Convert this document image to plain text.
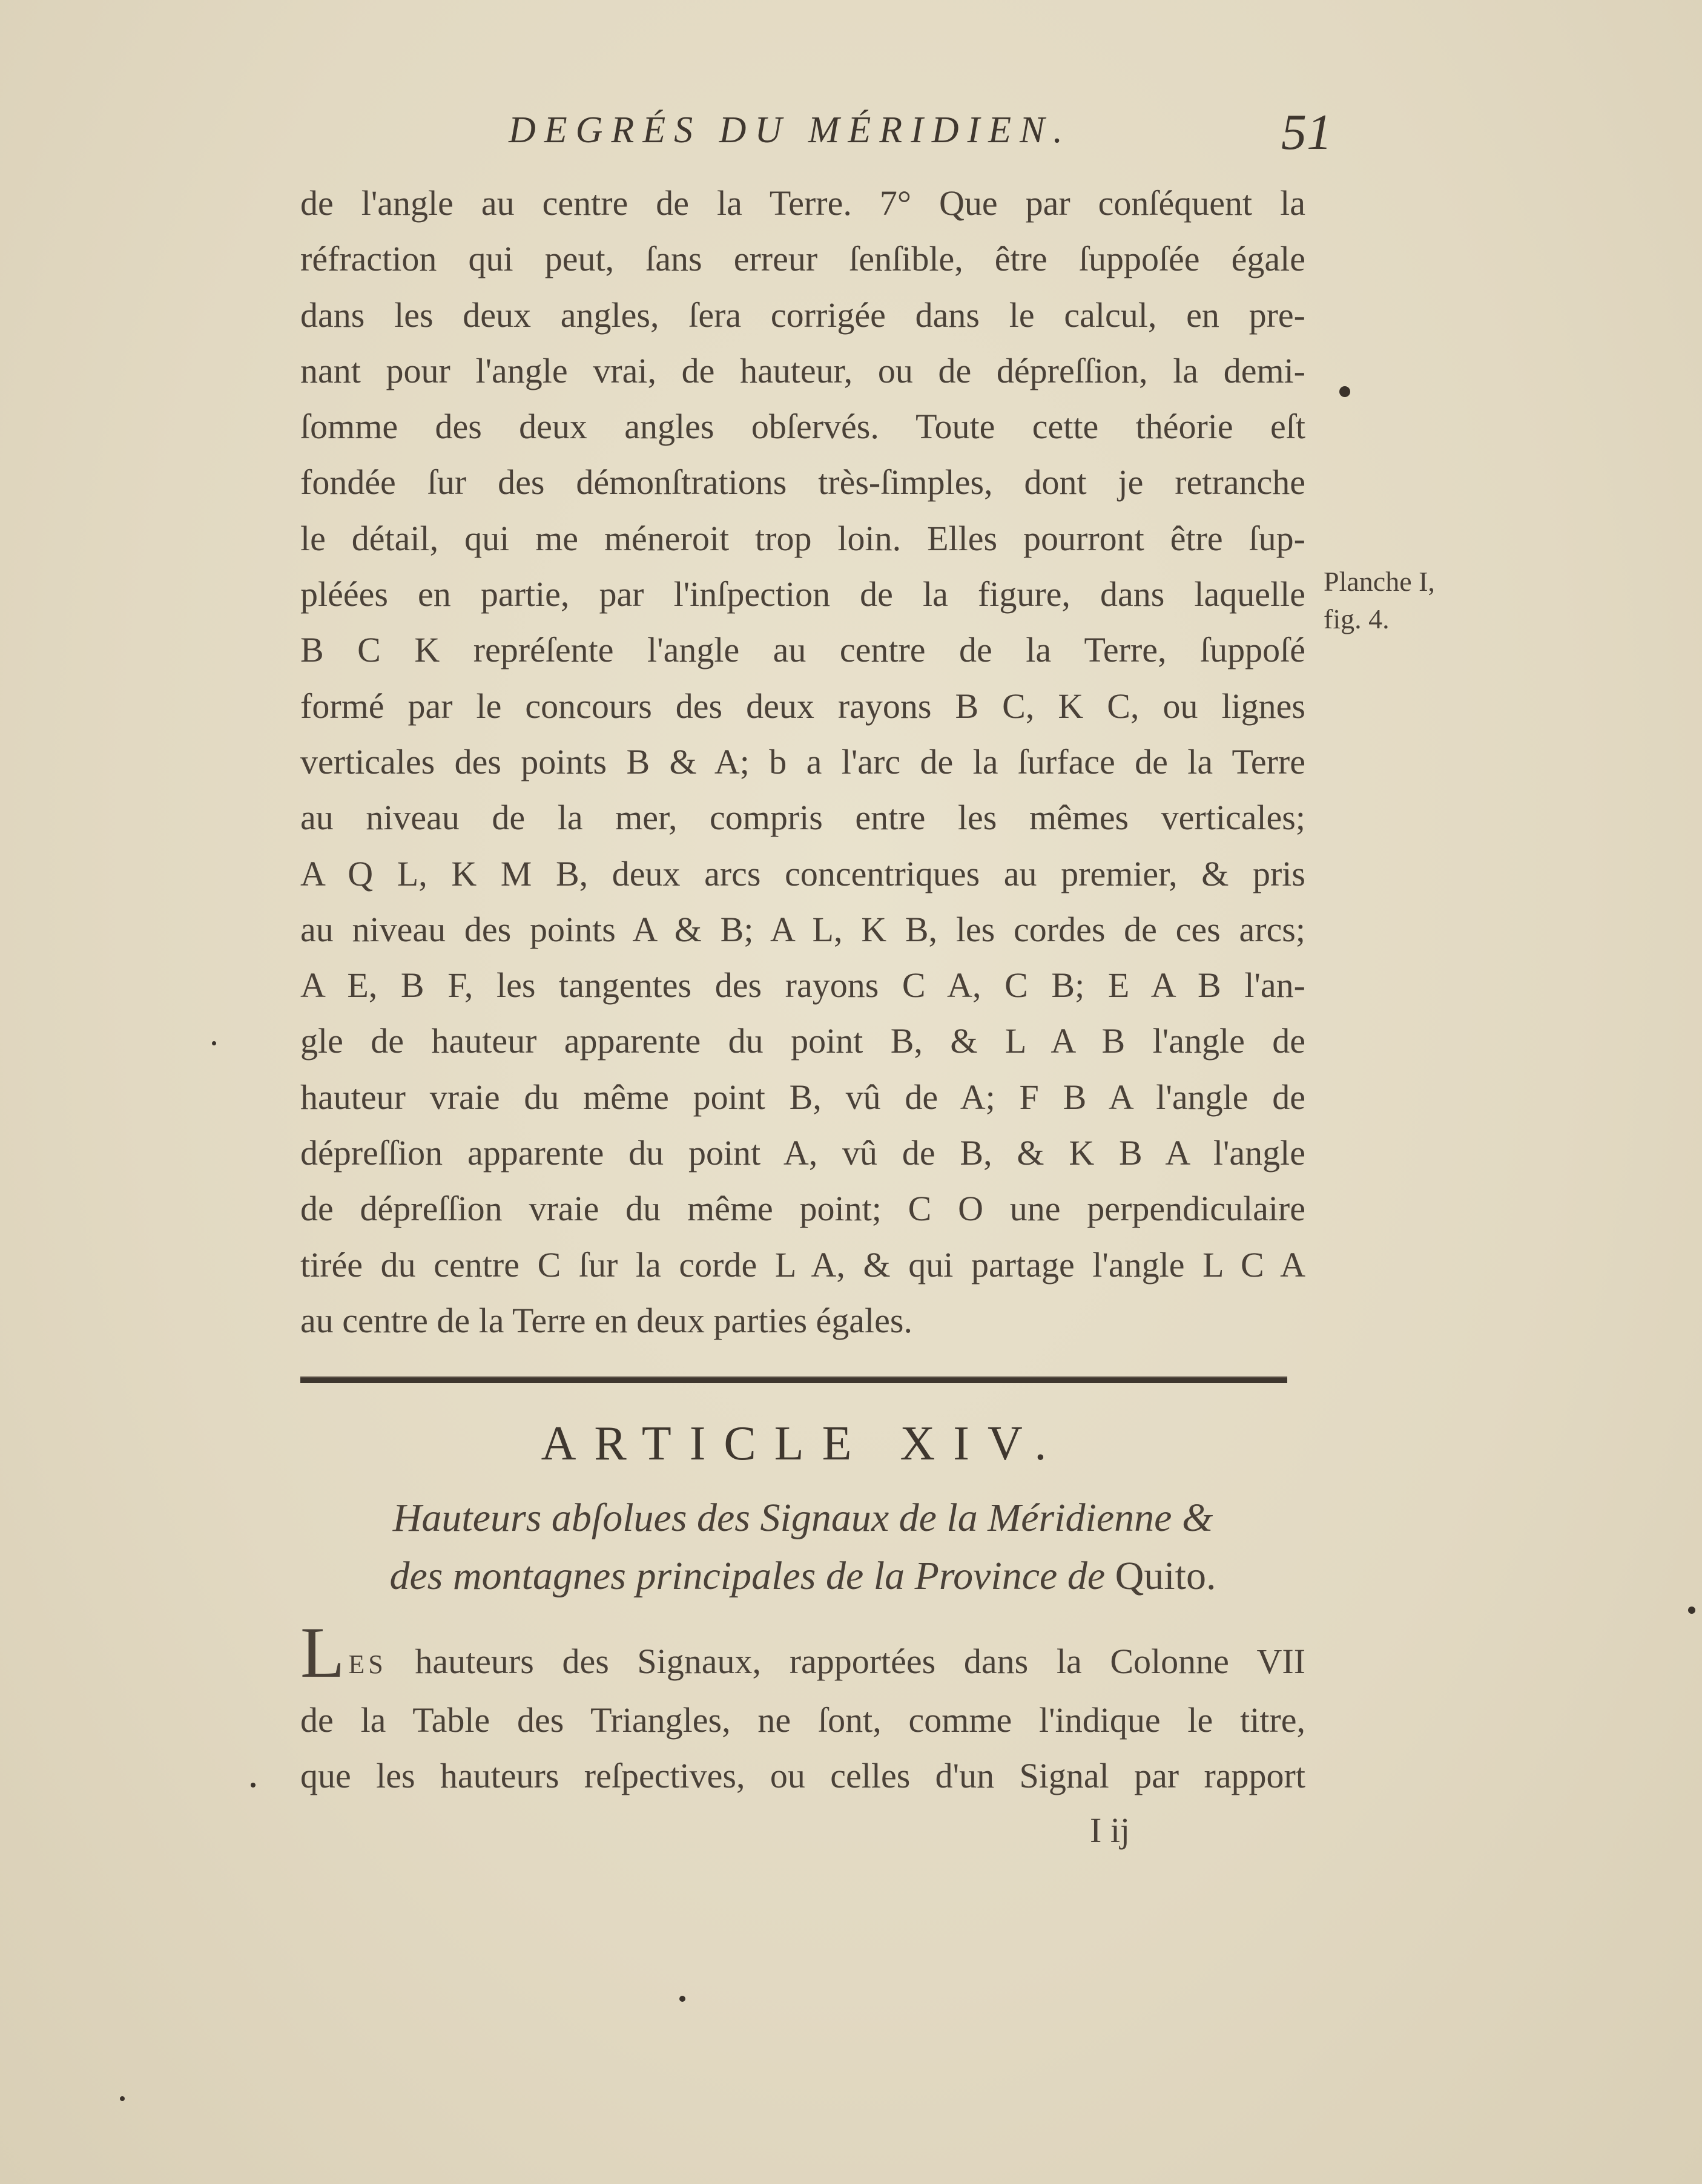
DEGRÉS DU MÉRIDIEN.	51
de l'angle au centre de la Terre. 7° Que par conſéquent la
réfraction qui peut, ſans erreur ſenſible, être ſuppoſée égale
dans les deux angles, ſera corrigée dans le calcul, en pre-
nant pour l'angle vrai, de hauteur, ou de dépreſſion, la demi-
ſomme des deux angles obſervés. Toute cette théorie eſt
fondée ſur des démonſtrations très-ſimples, dont je retranche
le détail, qui me méneroit trop loin. Elles pourront être ſup-
pléées en partie, par l'inſpection de la figure, dans laquelle
B C K repréſente l'angle au centre de la Terre, ſuppoſé
formé par le concours des deux rayons B C, K C, ou lignes
verticales des points B & A; b a l'arc de la ſurface de la Terre
au niveau de la mer, compris entre les mêmes verticales;
A Q L, K M B, deux arcs concentriques au premier, & pris
au niveau des points A & B; A L, K B, les cordes de ces arcs;
A E, B F, les tangentes des rayons C A, C B; E A B l'an-
gle de hauteur apparente du point B, & L A B l'angle de
hauteur vraie du même point B, vû de A; F B A l'angle de
dépreſſion apparente du point A, vû de B, & K B A l'angle
de dépreſſion vraie du même point; C O une perpendiculaire
tirée du centre C ſur la corde L A, & qui partage l'angle L C A
au centre de la Terre en deux parties égales.
Planche I,
fig. 4.
ARTICLE XIV.
Hauteurs abſolues des Signaux de la Méridienne &
des montagnes principales de la Province de Quito.
LES hauteurs des Signaux, rapportées dans la Colonne VII
de la Table des Triangles, ne ſont, comme l'indique le titre,
que les hauteurs reſpectives, ou celles d'un Signal par rapport
I ij
